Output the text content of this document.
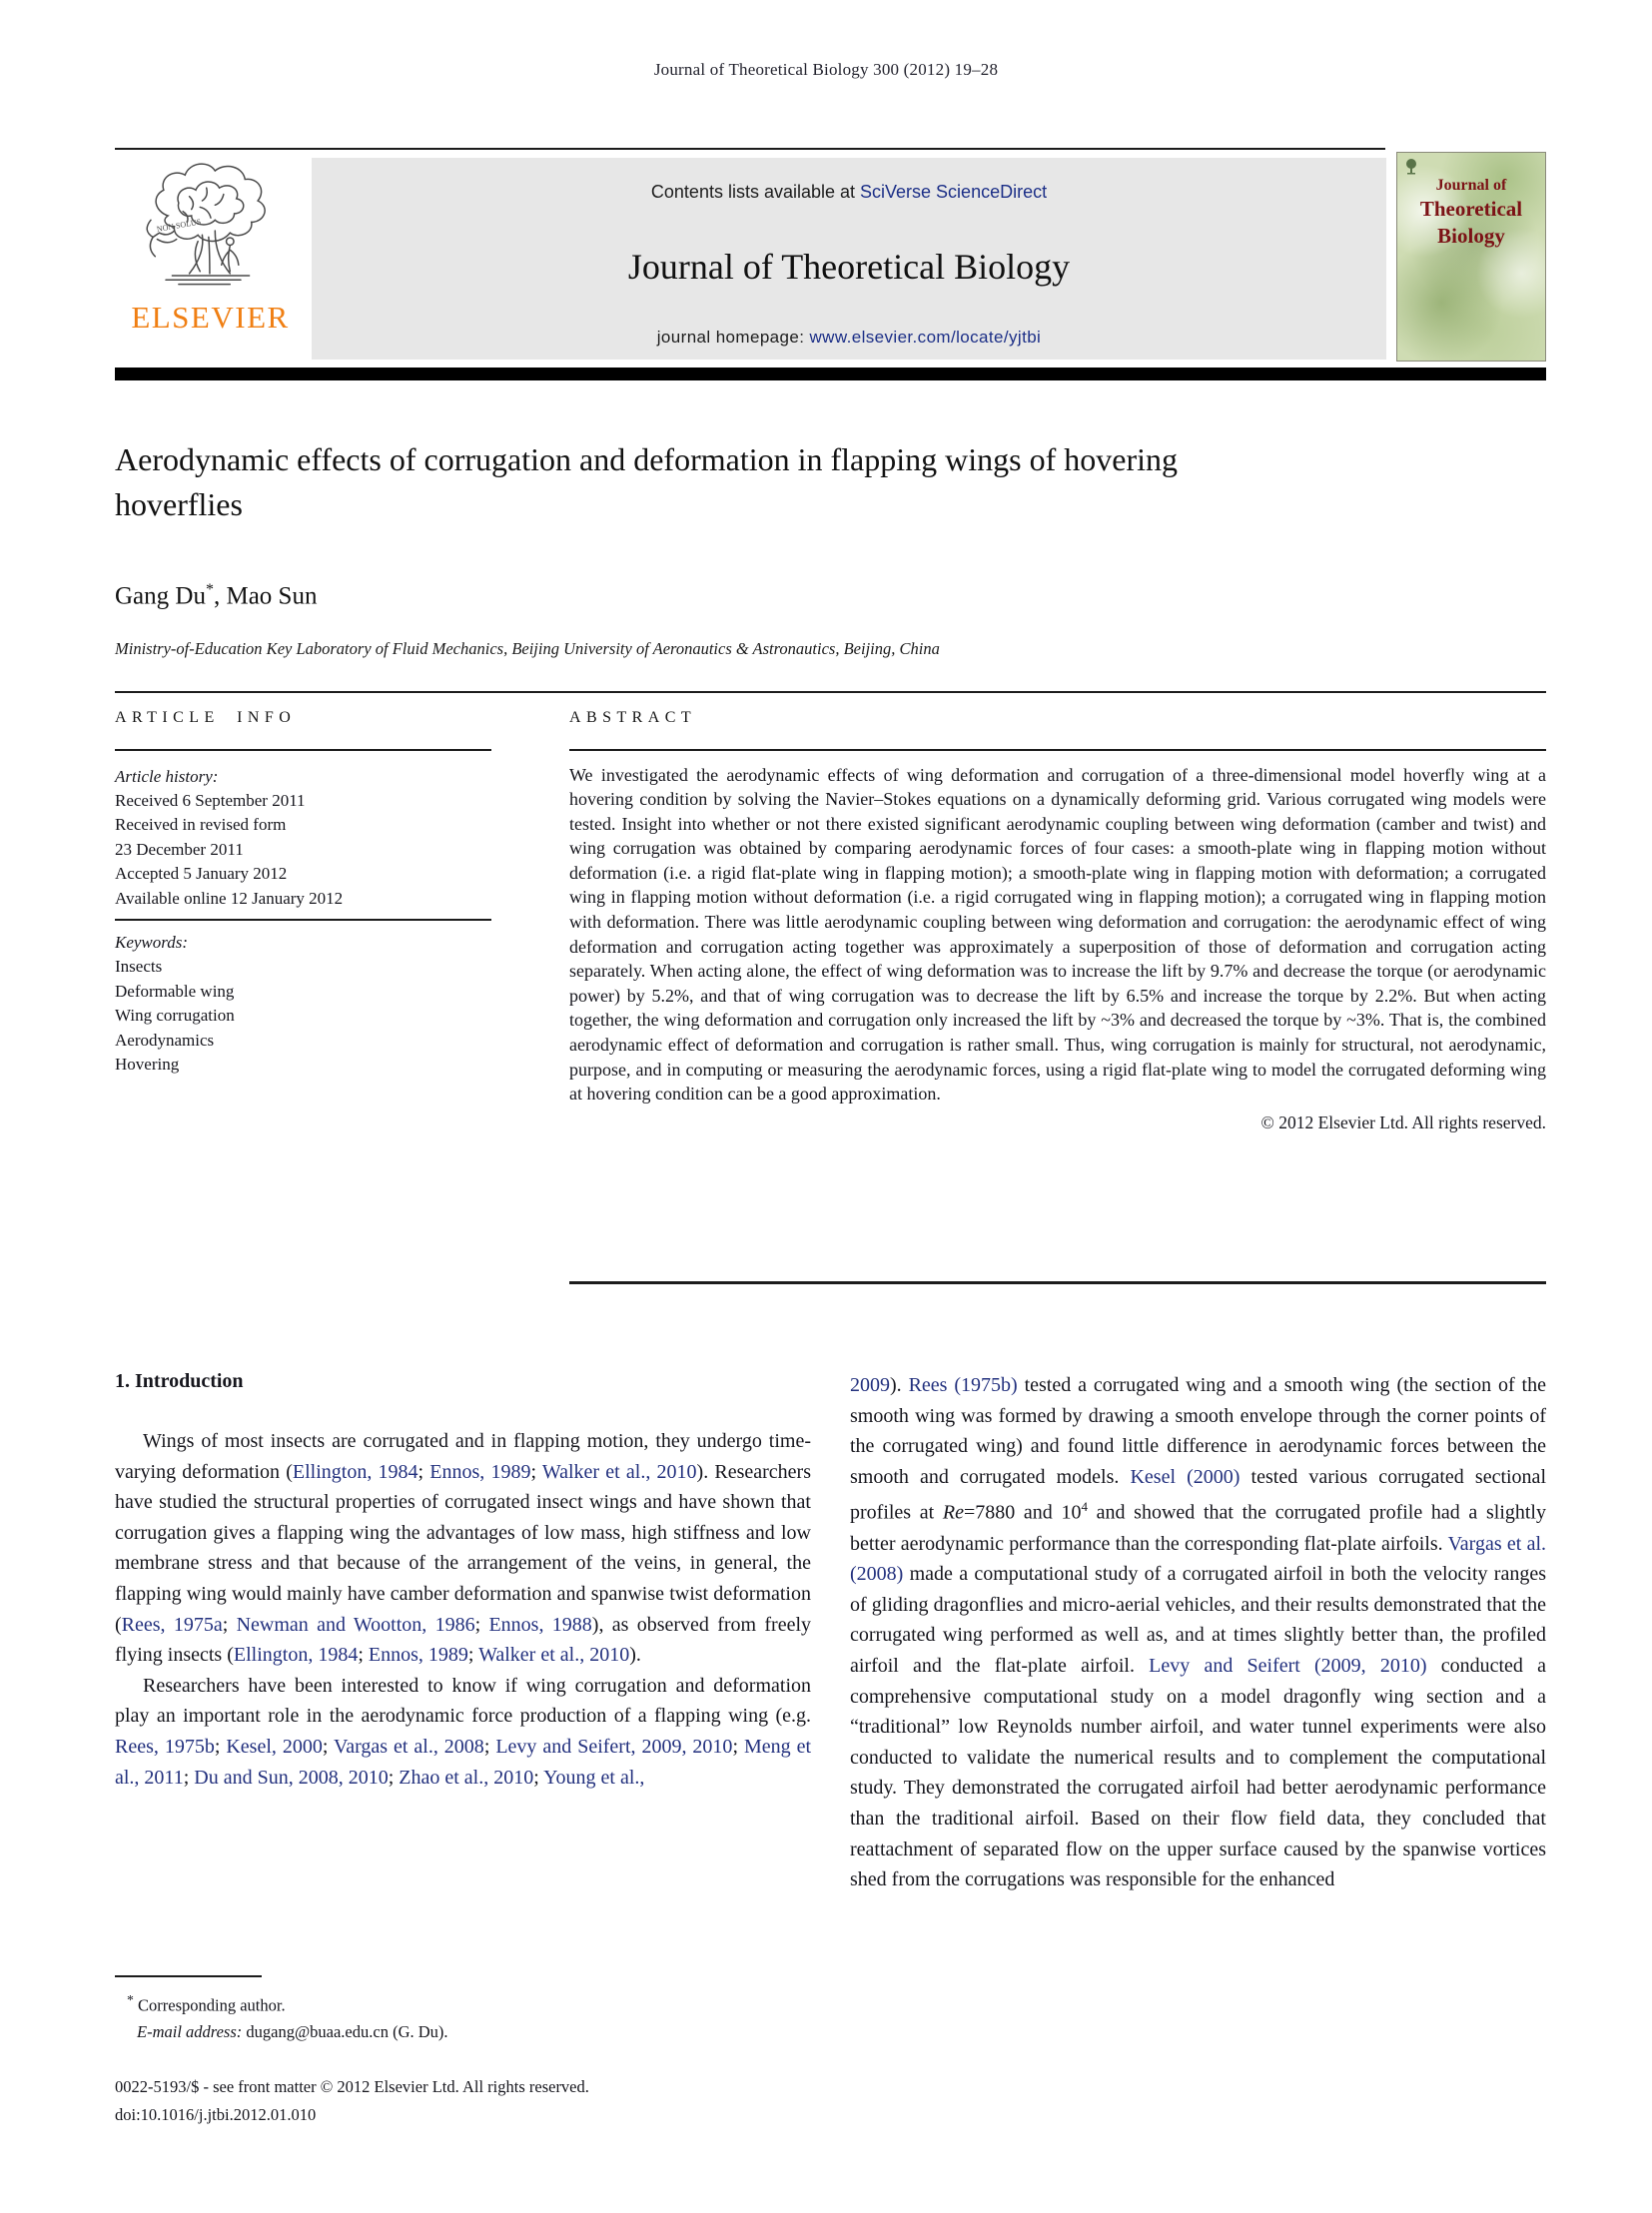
Journal of Theoretical Biology 300 (2012) 19–28
NON SOLUS
ELSEVIER
Contents lists available at SciVerse ScienceDirect
Journal of Theoretical Biology
journal homepage: www.elsevier.com/locate/yjtbi
Journal of
Theoretical
Biology
Aerodynamic effects of corrugation and deformation in flapping wings of hovering hoverflies
Gang Du*, Mao Sun
Ministry-of-Education Key Laboratory of Fluid Mechanics, Beijing University of Aeronautics & Astronautics, Beijing, China
ARTICLE INFO
Article history:
Received 6 September 2011
Received in revised form
23 December 2011
Accepted 5 January 2012
Available online 12 January 2012
Keywords:
Insects
Deformable wing
Wing corrugation
Aerodynamics
Hovering
ABSTRACT

We investigated the aerodynamic effects of wing deformation and corrugation of a three-dimensional model hoverfly wing at a hovering condition by solving the Navier–Stokes equations on a dynamically deforming grid. Various corrugated wing models were tested. Insight into whether or not there existed significant aerodynamic coupling between wing deformation (camber and twist) and wing corrugation was obtained by comparing aerodynamic forces of four cases: a smooth-plate wing in flapping motion without deformation (i.e. a rigid flat-plate wing in flapping motion); a smooth-plate wing in flapping motion with deformation; a corrugated wing in flapping motion without deformation (i.e. a rigid corrugated wing in flapping motion); a corrugated wing in flapping motion with deformation. There was little aerodynamic coupling between wing deformation and corrugation: the aerodynamic effect of wing deformation and corrugation acting together was approximately a superposition of those of deformation and corrugation acting separately. When acting alone, the effect of wing deformation was to increase the lift by 9.7% and decrease the torque (or aerodynamic power) by 5.2%, and that of wing corrugation was to decrease the lift by 6.5% and increase the torque by 2.2%. But when acting together, the wing deformation and corrugation only increased the lift by ~3% and decreased the torque by ~3%. That is, the combined aerodynamic effect of deformation and corrugation is rather small. Thus, wing corrugation is mainly for structural, not aerodynamic, purpose, and in computing or measuring the aerodynamic forces, using a rigid flat-plate wing to model the corrugated deforming wing at hovering condition can be a good approximation.

© 2012 Elsevier Ltd. All rights reserved.
1. Introduction

Wings of most insects are corrugated and in flapping motion, they undergo time-varying deformation (Ellington, 1984; Ennos, 1989; Walker et al., 2010). Researchers have studied the structural properties of corrugated insect wings and have shown that corrugation gives a flapping wing the advantages of low mass, high stiffness and low membrane stress and that because of the arrangement of the veins, in general, the flapping wing would mainly have camber deformation and spanwise twist deformation (Rees, 1975a; Newman and Wootton, 1986; Ennos, 1988), as observed from freely flying insects (Ellington, 1984; Ennos, 1989; Walker et al., 2010).

Researchers have been interested to know if wing corrugation and deformation play an important role in the aerodynamic force production of a flapping wing (e.g. Rees, 1975b; Kesel, 2000; Vargas et al., 2008; Levy and Seifert, 2009, 2010; Meng et al., 2011; Du and Sun, 2008, 2010; Zhao et al., 2010; Young et al.,

2009). Rees (1975b) tested a corrugated wing and a smooth wing (the section of the smooth wing was formed by drawing a smooth envelope through the corner points of the corrugated wing) and found little difference in aerodynamic forces between the smooth and corrugated models. Kesel (2000) tested various corrugated sectional profiles at Re=7880 and $10^4$ and showed that the corrugated profile had a slightly better aerodynamic performance than the corresponding flat-plate airfoils. Vargas et al. (2008) made a computational study of a corrugated airfoil in both the velocity ranges of gliding dragonflies and micro-aerial vehicles, and their results demonstrated that the corrugated wing performed as well as, and at times slightly better than, the profiled airfoil and the flat-plate airfoil. Levy and Seifert (2009, 2010) conducted a comprehensive computational study on a model dragonfly wing section and a “traditional” low Reynolds number airfoil, and water tunnel experiments were also conducted to validate the numerical results and to complement the computational study. They demonstrated the corrugated airfoil had better aerodynamic performance than the traditional airfoil. Based on their flow field data, they concluded that reattachment of separated flow on the upper surface caused by the spanwise vortices shed from the corrugations was responsible for the enhanced

* Corresponding author.
E-mail address: dugang@buaa.edu.cn (G. Du).
0022-5193/$ - see front matter © 2012 Elsevier Ltd. All rights reserved.
doi:10.1016/j.jtbi.2012.01.010
